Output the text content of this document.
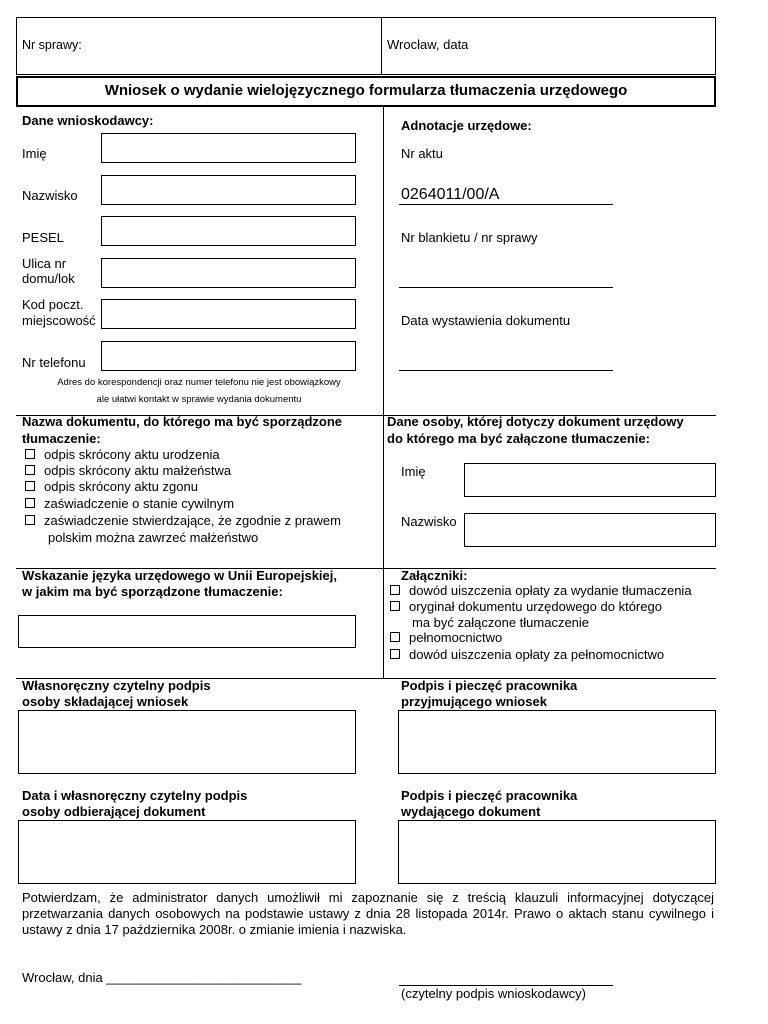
Nr sprawy:	Wrocław, data
Wniosek o wydanie wielojęzycznego formularza tłumaczenia urzędowego
Dane wnioskodawcy:
Imię
Nazwisko
PESEL
Ulica nr
domu/lok
Kod poczt.
miejscowość
Nr telefonu
Adres do korespondencji oraz numer telefonu nie jest obowiązkowy
ale ułatwi kontakt w sprawie wydania dokumentu
Adnotacje urzędowe:
Nr aktu
0264011/00/A
Nr blankietu / nr sprawy
Data wystawienia dokumentu
Nazwa dokumentu, do którego ma być sporządzone
tłumaczenie:
odpis skrócony aktu urodzenia
odpis skrócony aktu małżeństwa
odpis skrócony aktu zgonu
zaświadczenie o stanie cywilnym
zaświadczenie stwierdzające, że zgodnie z prawem
polskim można zawrzeć małżeństwo
Dane osoby, której dotyczy dokument urzędowy
do którego ma być załączone tłumaczenie:
Imię
Nazwisko
Wskazanie języka urzędowego w Unii Europejskiej,
w jakim ma być sporządzone tłumaczenie:
Załączniki:
dowód uiszczenia opłaty za wydanie tłumaczenia
oryginał dokumentu urzędowego do którego
ma być załączone tłumaczenie
pełnomocnictwo
dowód uiszczenia opłaty za pełnomocnictwo
Własnoręczny czytelny podpis
osoby składającej wniosek
Podpis i pieczęć pracownika
przyjmującego wniosek
Data i własnoręczny czytelny podpis
osoby odbierającej dokument
Podpis i pieczęć pracownika
wydającego dokument
Potwierdzam, że administrator danych umożliwił mi zapoznanie się z treścią klauzuli informacyjnej dotyczącej
przetwarzania danych osobowych na podstawie ustawy z dnia 28 listopada 2014r. Prawo o aktach stanu cywilnego i
ustawy z dnia 17 października 2008r. o zmianie imienia i nazwiska.
Wrocław, dnia ___________________________
(czytelny podpis wnioskodawcy)
